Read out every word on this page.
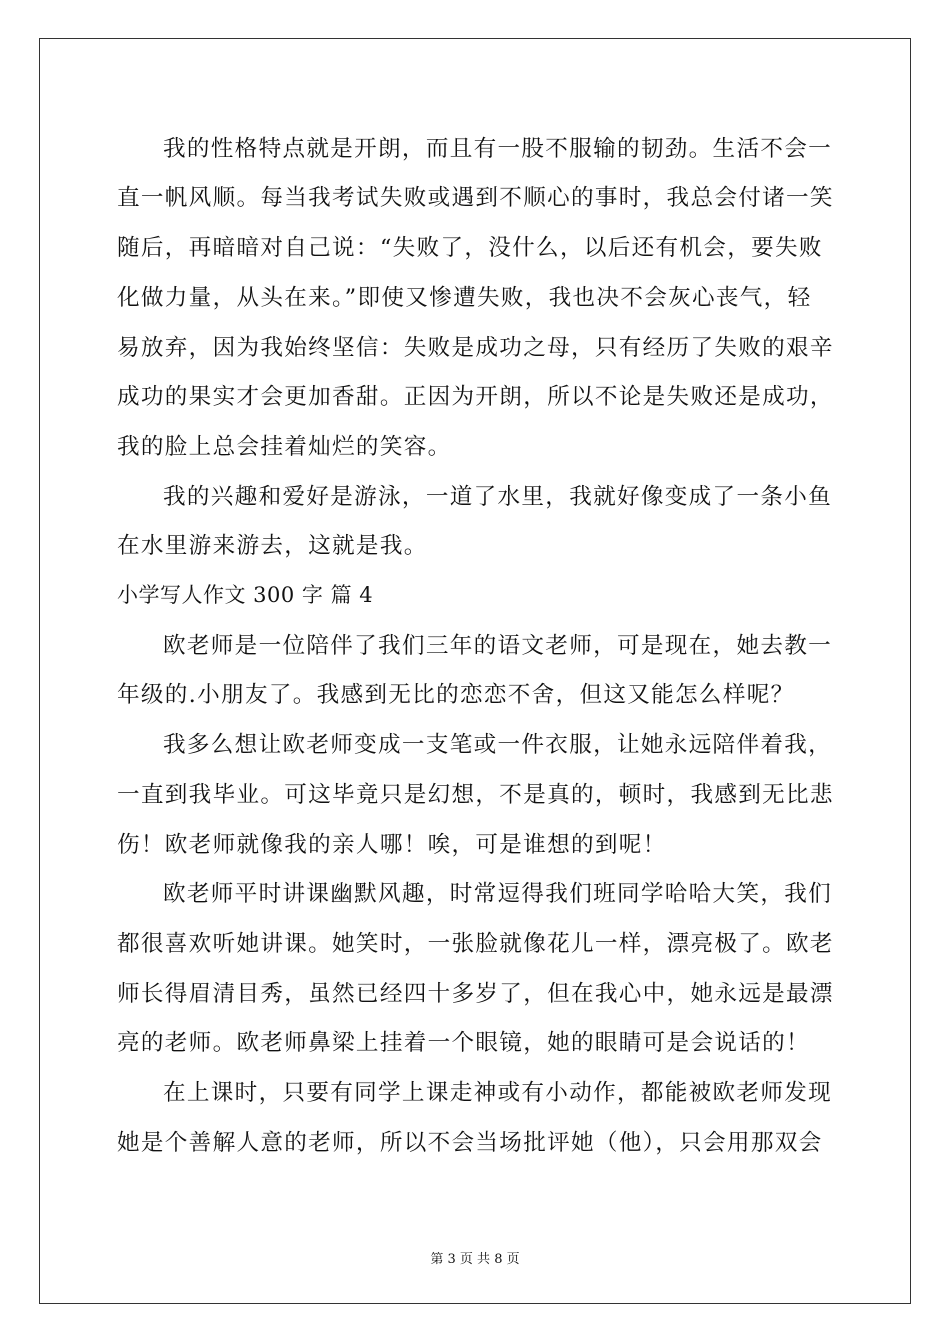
我的性格特点就是开朗，而且有一股不服输的韧劲。生活不会一
直一帆风顺。每当我考试失败或遇到不顺心的事时，我总会付诸一笑
随后，再暗暗对自己说：“失败了，没什么，以后还有机会，要失败
化做力量，从头在来。”即使又惨遭失败，我也决不会灰心丧气，轻
易放弃，因为我始终坚信：失败是成功之母，只有经历了失败的艰辛
成功的果实才会更加香甜。正因为开朗，所以不论是失败还是成功，
我的脸上总会挂着灿烂的笑容。
我的兴趣和爱好是游泳，一道了水里，我就好像变成了一条小鱼
在水里游来游去，这就是我。
小学写人作文 300 字 篇 4
欧老师是一位陪伴了我们三年的语文老师，可是现在，她去教一
年级的.小朋友了。我感到无比的恋恋不舍，但这又能怎么样呢？
我多么想让欧老师变成一支笔或一件衣服，让她永远陪伴着我，
一直到我毕业。可这毕竟只是幻想，不是真的，顿时，我感到无比悲
伤！欧老师就像我的亲人哪！唉，可是谁想的到呢！
欧老师平时讲课幽默风趣，时常逗得我们班同学哈哈大笑，我们
都很喜欢听她讲课。她笑时，一张脸就像花儿一样，漂亮极了。欧老
师长得眉清目秀，虽然已经四十多岁了，但在我心中，她永远是最漂
亮的老师。欧老师鼻梁上挂着一个眼镜，她的眼睛可是会说话的！
在上课时，只要有同学上课走神或有小动作，都能被欧老师发现
她是个善解人意的老师，所以不会当场批评她（他），只会用那双会
第 3 页 共 8 页
